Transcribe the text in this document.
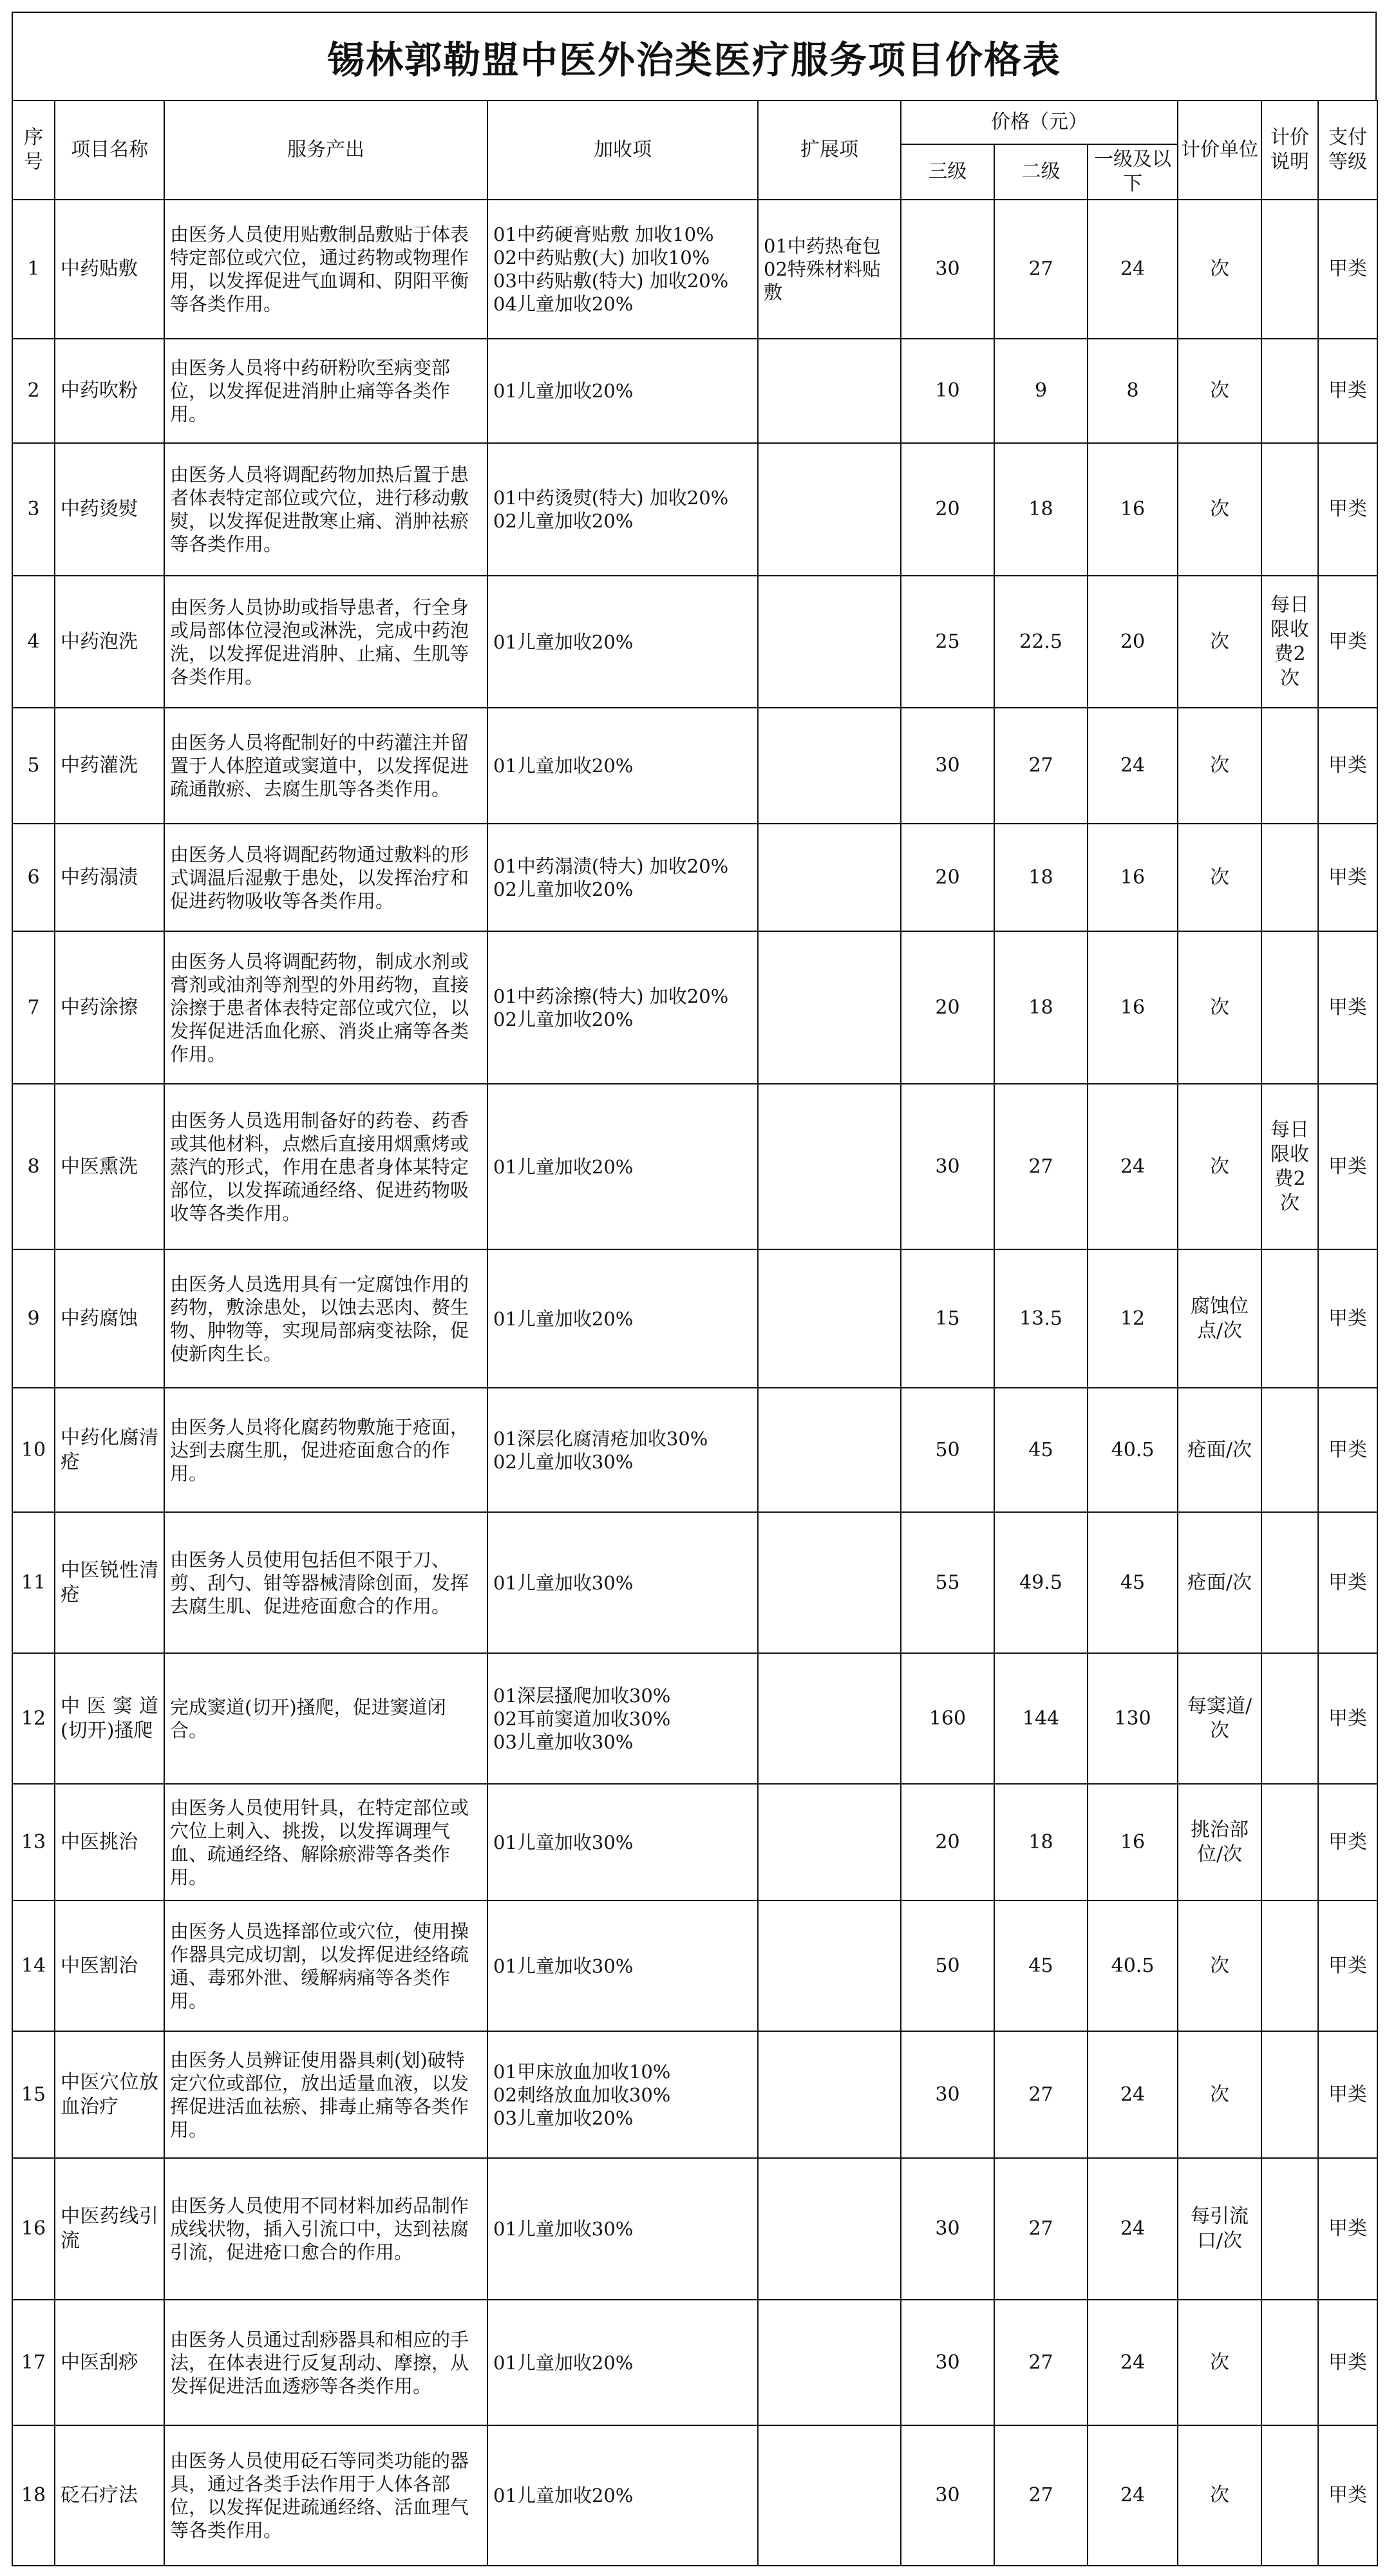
锡林郭勒盟中医外治类医疗服务项目价格表
序号	项目名称	服务产出	加收项	扩展项	价格（元）			计价单位	计价说明	支付等级
					三级	二级	一级及以下			
1	中药贴敷	由医务人员使用贴敷制品敷贴于体表特定部位或穴位，通过药物或物理作用，以发挥促进气血调和、阴阳平衡等各类作用。	01中药硬膏贴敷 加收10%
02中药贴敷(大) 加收10%
03中药贴敷(特大) 加收20%
04儿童加收20%	01中药热奄包
02特殊材料贴敷	30	27	24	次		甲类
2	中药吹粉	由医务人员将中药研粉吹至病变部位，以发挥促进消肿止痛等各类作用。	01儿童加收20%		10	9	8	次		甲类
3	中药烫熨	由医务人员将调配药物加热后置于患者体表特定部位或穴位，进行移动敷熨，以发挥促进散寒止痛、消肿祛瘀等各类作用。	01中药烫熨(特大) 加收20%
02儿童加收20%		20	18	16	次		甲类
4	中药泡洗	由医务人员协助或指导患者，行全身或局部体位浸泡或淋洗，完成中药泡洗，以发挥促进消肿、止痛、生肌等各类作用。	01儿童加收20%		25	22.5	20	次	每日限收费2次	甲类
5	中药灌洗	由医务人员将配制好的中药灌注并留置于人体腔道或窦道中，以发挥促进疏通散瘀、去腐生肌等各类作用。	01儿童加收20%		30	27	24	次		甲类
6	中药溻渍	由医务人员将调配药物通过敷料的形式调温后湿敷于患处，以发挥治疗和促进药物吸收等各类作用。	01中药溻渍(特大) 加收20%
02儿童加收20%		20	18	16	次		甲类
7	中药涂擦	由医务人员将调配药物，制成水剂或膏剂或油剂等剂型的外用药物，直接涂擦于患者体表特定部位或穴位，以发挥促进活血化瘀、消炎止痛等各类作用。	01中药涂擦(特大) 加收20%
02儿童加收20%		20	18	16	次		甲类
8	中医熏洗	由医务人员选用制备好的药卷、药香或其他材料，点燃后直接用烟熏烤或蒸汽的形式，作用在患者身体某特定部位，以发挥疏通经络、促进药物吸收等各类作用。	01儿童加收20%		30	27	24	次	每日限收费2次	甲类
9	中药腐蚀	由医务人员选用具有一定腐蚀作用的药物，敷涂患处，以蚀去恶肉、赘生物、肿物等，实现局部病变祛除，促使新肉生长。	01儿童加收20%		15	13.5	12	腐蚀位点/次		甲类
10	中药化腐清疮	由医务人员将化腐药物敷施于疮面，达到去腐生肌，促进疮面愈合的作用。	01深层化腐清疮加收30%
02儿童加收30%		50	45	40.5	疮面/次		甲类
11	中医锐性清疮	由医务人员使用包括但不限于刀、剪、刮勺、钳等器械清除创面，发挥去腐生肌、促进疮面愈合的作用。	01儿童加收30%		55	49.5	45	疮面/次		甲类
12	中医窦道(切开)搔爬	完成窦道(切开)搔爬，促进窦道闭合。	01深层搔爬加收30%
02耳前窦道加收30%
03儿童加收30%		160	144	130	每窦道/次		甲类
13	中医挑治	由医务人员使用针具，在特定部位或穴位上刺入、挑拨，以发挥调理气血、疏通经络、解除瘀滞等各类作用。	01儿童加收30%		20	18	16	挑治部位/次		甲类
14	中医割治	由医务人员选择部位或穴位，使用操作器具完成切割，以发挥促进经络疏通、毒邪外泄、缓解病痛等各类作用。	01儿童加收30%		50	45	40.5	次		甲类
15	中医穴位放血治疗	由医务人员辨证使用器具刺(划)破特定穴位或部位，放出适量血液，以发挥促进活血祛瘀、排毒止痛等各类作用。	01甲床放血加收10%
02刺络放血加收30%
03儿童加收20%		30	27	24	次		甲类
16	中医药线引流	由医务人员使用不同材料加药品制作成线状物，插入引流口中，达到祛腐引流，促进疮口愈合的作用。	01儿童加收30%		30	27	24	每引流口/次		甲类
17	中医刮痧	由医务人员通过刮痧器具和相应的手法，在体表进行反复刮动、摩擦，从发挥促进活血透痧等各类作用。	01儿童加收20%		30	27	24	次		甲类
18	砭石疗法	由医务人员使用砭石等同类功能的器具，通过各类手法作用于人体各部位，以发挥促进疏通经络、活血理气等各类作用。	01儿童加收20%		30	27	24	次		甲类
